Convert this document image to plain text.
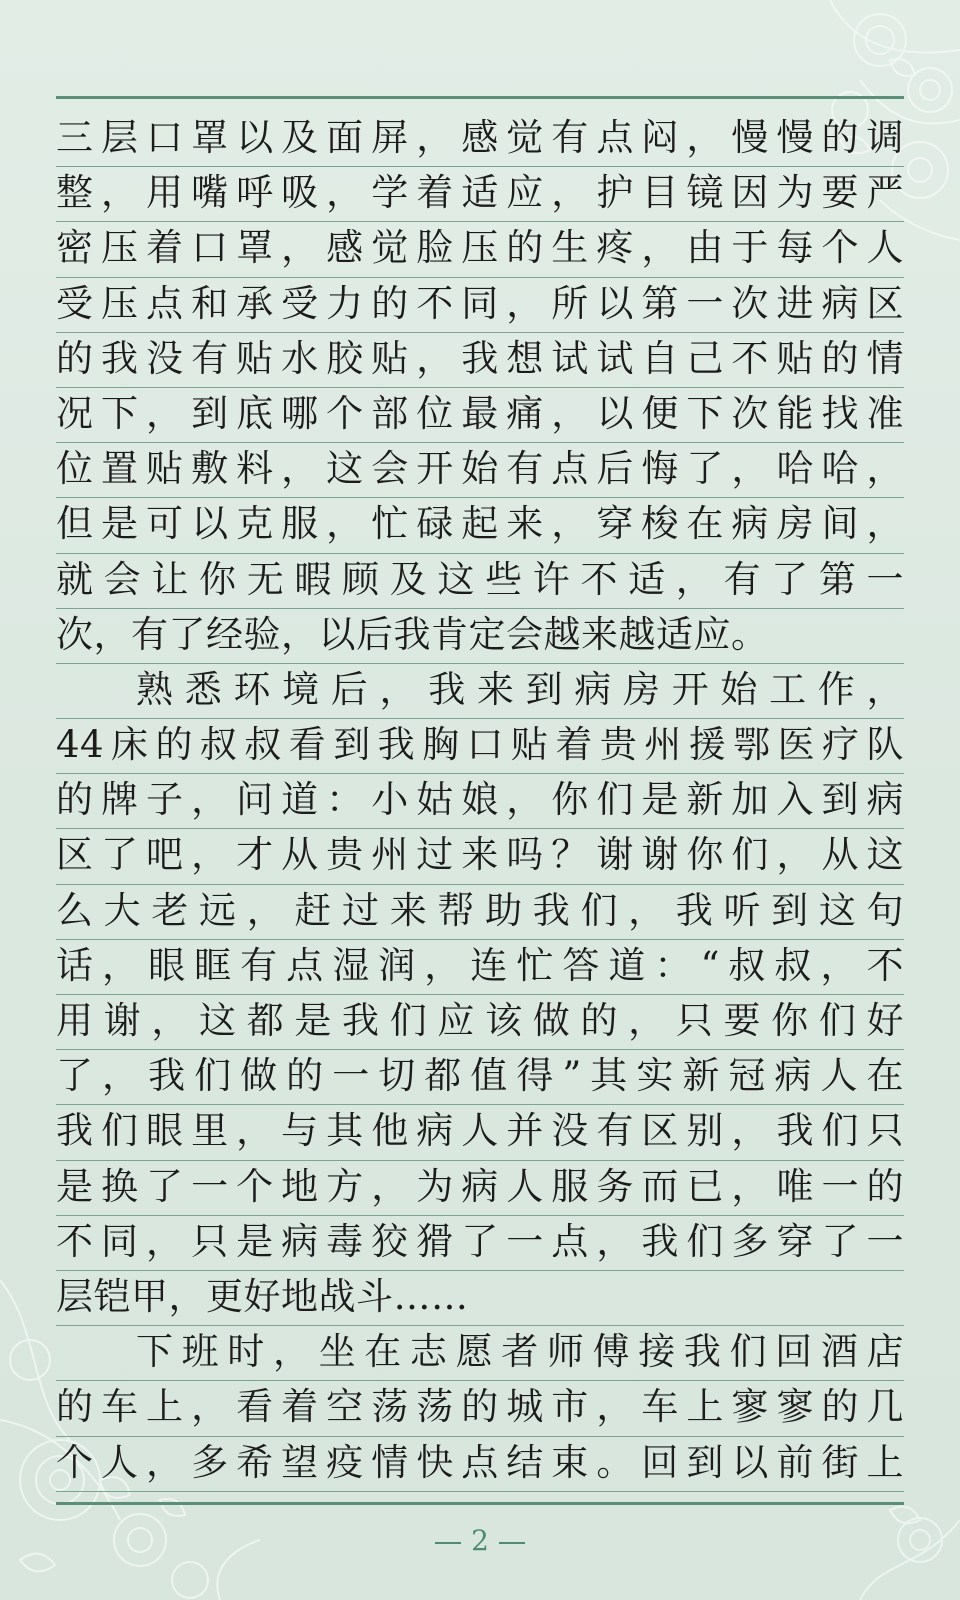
三层口罩以及面屏，感觉有点闷，慢慢的调
整，用嘴呼吸，学着适应，护目镜因为要严
密压着口罩，感觉脸压的生疼，由于每个人
受压点和承受力的不同，所以第一次进病区
的我没有贴水胶贴，我想试试自己不贴的情
况下，到底哪个部位最痛，以便下次能找准
位置贴敷料，这会开始有点后悔了，哈哈，
但是可以克服，忙碌起来，穿梭在病房间，
就会让你无暇顾及这些许不适，有了第一
次，有了经验，以后我肯定会越来越适应。
熟悉环境后，我来到病房开始工作，
44床的叔叔看到我胸口贴着贵州援鄂医疗队
的牌子，问道：小姑娘，你们是新加入到病
区了吧，才从贵州过来吗？谢谢你们，从这
么大老远，赶过来帮助我们，我听到这句
话，眼眶有点湿润，连忙答道：“叔叔，不
用谢，这都是我们应该做的，只要你们好
了，我们做的一切都值得”其实新冠病人在
我们眼里，与其他病人并没有区别，我们只
是换了一个地方，为病人服务而已，唯一的
不同，只是病毒狡猾了一点，我们多穿了一
层铠甲，更好地战斗……
下班时，坐在志愿者师傅接我们回酒店
的车上，看着空荡荡的城市，车上寥寥的几
个人，多希望疫情快点结束。回到以前街上
2
